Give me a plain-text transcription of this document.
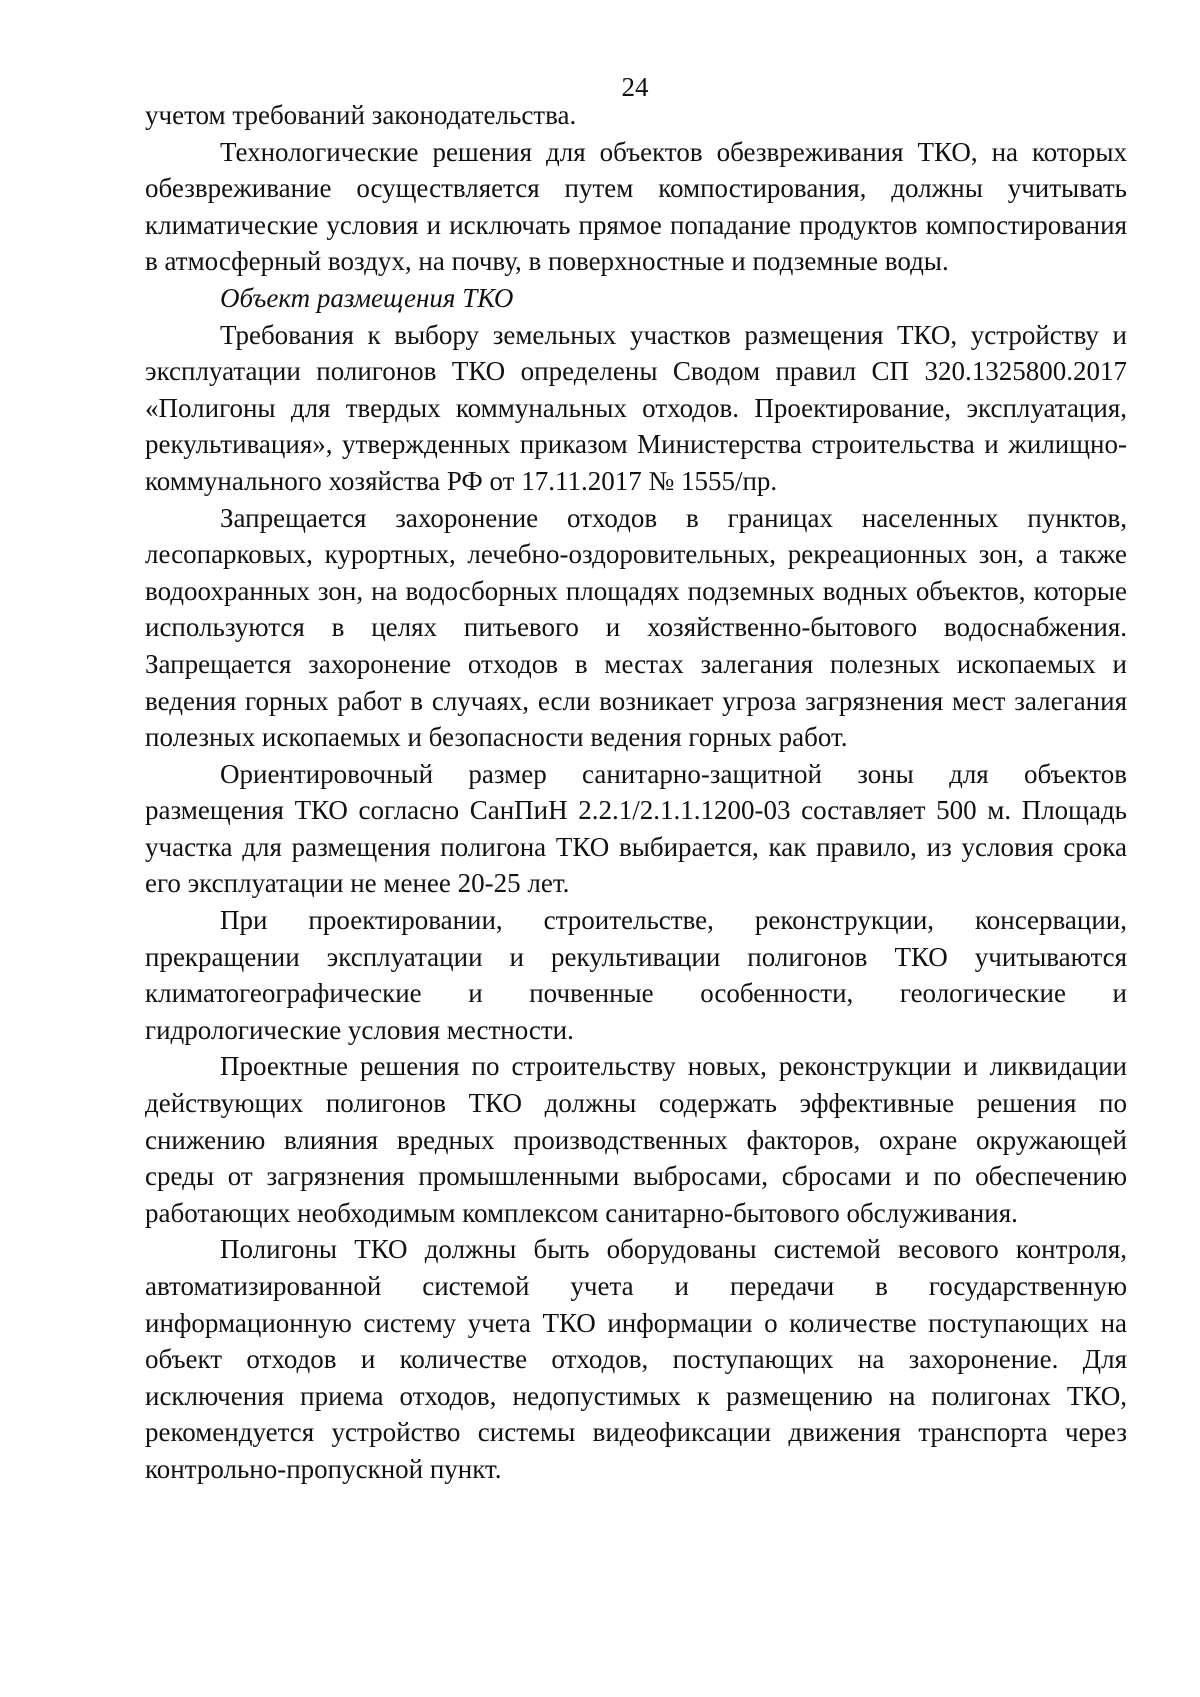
24

учетом требований законодательства.

Технологические решения для объектов обезвреживания ТКО, на которых обезвреживание осуществляется путем компостирования, должны учитывать климатические условия и исключать прямое попадание продуктов компостирования в атмосферный воздух, на почву, в поверхностные и подземные воды.

Объект размещения ТКО

Требования к выбору земельных участков размещения ТКО, устройству и эксплуатации полигонов ТКО определены Сводом правил СП 320.1325800.2017 «Полигоны для твердых коммунальных отходов. Проектирование, эксплуатация, рекультивация», утвержденных приказом Министерства строительства и жилищно-коммунального хозяйства РФ от 17.11.2017 № 1555/пр.

Запрещается захоронение отходов в границах населенных пунктов, лесопарковых, курортных, лечебно-оздоровительных, рекреационных зон, а также водоохранных зон, на водосборных площадях подземных водных объектов, которые используются в целях питьевого и хозяйственно-бытового водоснабжения. Запрещается захоронение отходов в местах залегания полезных ископаемых и ведения горных работ в случаях, если возникает угроза загрязнения мест залегания полезных ископаемых и безопасности ведения горных работ.

Ориентировочный размер санитарно-защитной зоны для объектов размещения ТКО согласно СанПиН 2.2.1/2.1.1.1200-03 составляет 500 м. Площадь участка для размещения полигона ТКО выбирается, как правило, из условия срока его эксплуатации не менее 20-25 лет.

При проектировании, строительстве, реконструкции, консервации, прекращении эксплуатации и рекультивации полигонов ТКО учитываются климатогеографические и почвенные особенности, геологические и гидрологические условия местности.

Проектные решения по строительству новых, реконструкции и ликвидации действующих полигонов ТКО должны содержать эффективные решения по снижению влияния вредных производственных факторов, охране окружающей среды от загрязнения промышленными выбросами, сбросами и по обеспечению работающих необходимым комплексом санитарно-бытового обслуживания.

Полигоны ТКО должны быть оборудованы системой весового контроля, автоматизированной системой учета и передачи в государственную информационную систему учета ТКО информации о количестве поступающих на объект отходов и количестве отходов, поступающих на захоронение. Для исключения приема отходов, недопустимых к размещению на полигонах ТКО, рекомендуется устройство системы видеофиксации движения транспорта через контрольно-пропускной пункт.
